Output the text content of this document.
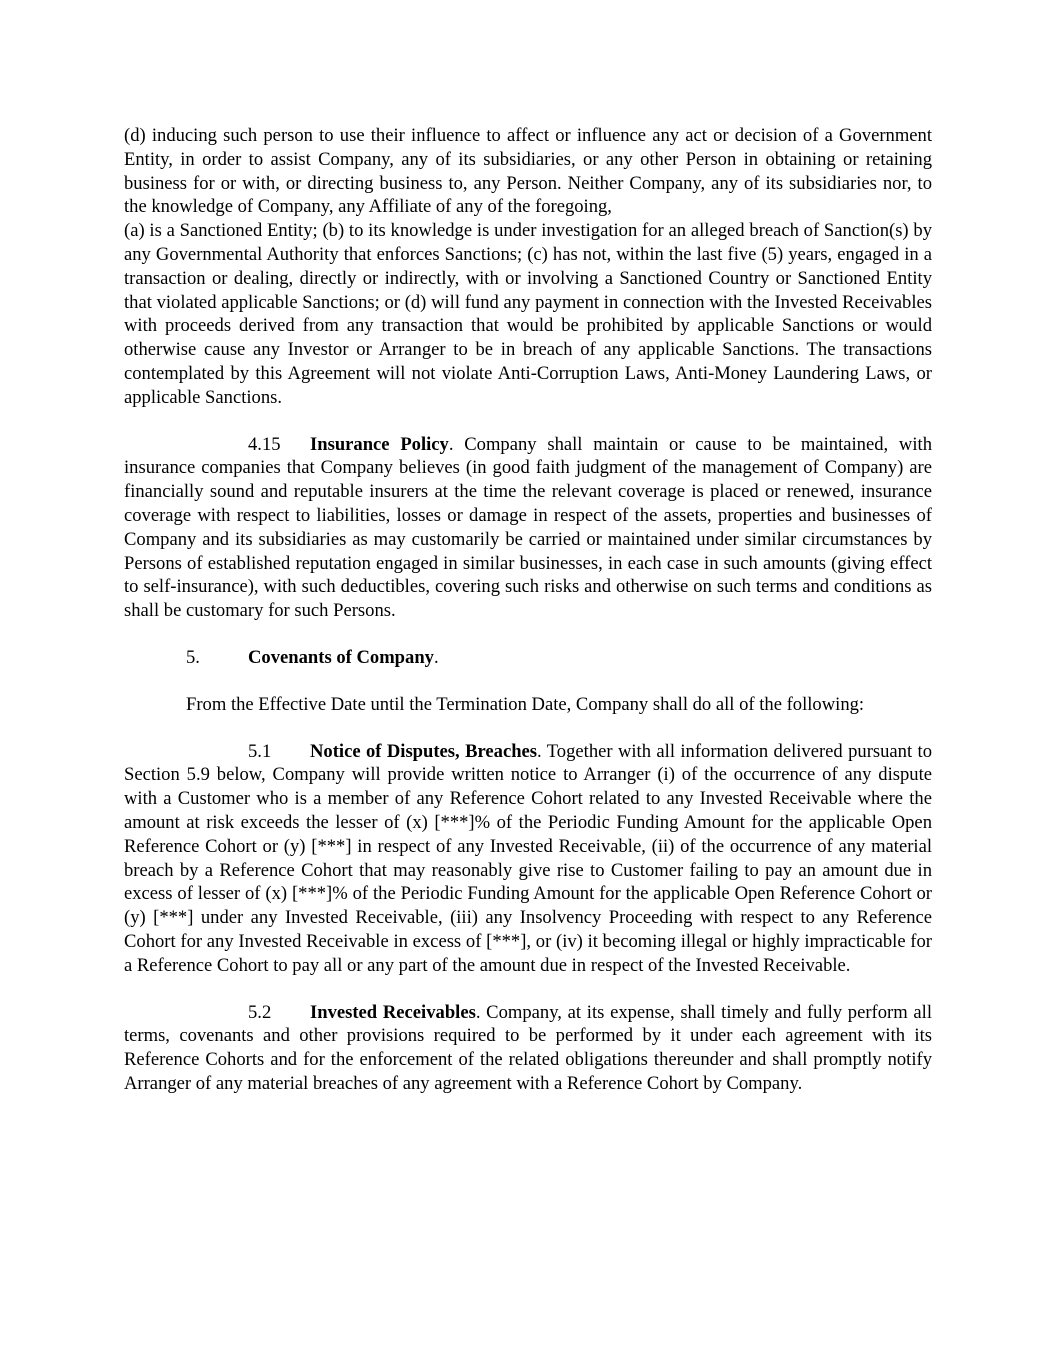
(d) inducing such person to use their influence to affect or influence any act or decision of a Government Entity, in order to assist Company, any of its subsidiaries, or any other Person in obtaining or retaining business for or with, or directing business to, any Person. Neither Company, any of its subsidiaries nor, to the knowledge of Company, any Affiliate of any of the foregoing,

(a) is a Sanctioned Entity; (b) to its knowledge is under investigation for an alleged breach of Sanction(s) by any Governmental Authority that enforces Sanctions; (c) has not, within the last five (5) years, engaged in a transaction or dealing, directly or indirectly, with or involving a Sanctioned Country or Sanctioned Entity that violated applicable Sanctions; or (d) will fund any payment in connection with the Invested Receivables with proceeds derived from any transaction that would be prohibited by applicable Sanctions or would otherwise cause any Investor or Arranger to be in breach of any applicable Sanctions. The transactions contemplated by this Agreement will not violate Anti-Corruption Laws, Anti-Money Laundering Laws, or applicable Sanctions.

4.15 Insurance Policy. Company shall maintain or cause to be maintained, with insurance companies that Company believes (in good faith judgment of the management of Company) are financially sound and reputable insurers at the time the relevant coverage is placed or renewed, insurance coverage with respect to liabilities, losses or damage in respect of the assets, properties and businesses of Company and its subsidiaries as may customarily be carried or maintained under similar circumstances by Persons of established reputation engaged in similar businesses, in each case in such amounts (giving effect to self-insurance), with such deductibles, covering such risks and otherwise on such terms and conditions as shall be customary for such Persons.

5.	Covenants of Company.

From the Effective Date until the Termination Date, Company shall do all of the following:

5.1 Notice of Disputes, Breaches. Together with all information delivered pursuant to Section 5.9 below, Company will provide written notice to Arranger (i) of the occurrence of any dispute with a Customer who is a member of any Reference Cohort related to any Invested Receivable where the amount at risk exceeds the lesser of (x) [***]% of the Periodic Funding Amount for the applicable Open Reference Cohort or (y) [***] in respect of any Invested Receivable, (ii) of the occurrence of any material breach by a Reference Cohort that may reasonably give rise to Customer failing to pay an amount due in excess of lesser of (x) [***]% of the Periodic Funding Amount for the applicable Open Reference Cohort or (y) [***] under any Invested Receivable, (iii) any Insolvency Proceeding with respect to any Reference Cohort for any Invested Receivable in excess of [***], or (iv) it becoming illegal or highly impracticable for a Reference Cohort to pay all or any part of the amount due in respect of the Invested Receivable.

5.2 Invested Receivables. Company, at its expense, shall timely and fully perform all terms, covenants and other provisions required to be performed by it under each agreement with its Reference Cohorts and for the enforcement of the related obligations thereunder and shall promptly notify Arranger of any material breaches of any agreement with a Reference Cohort by Company.
